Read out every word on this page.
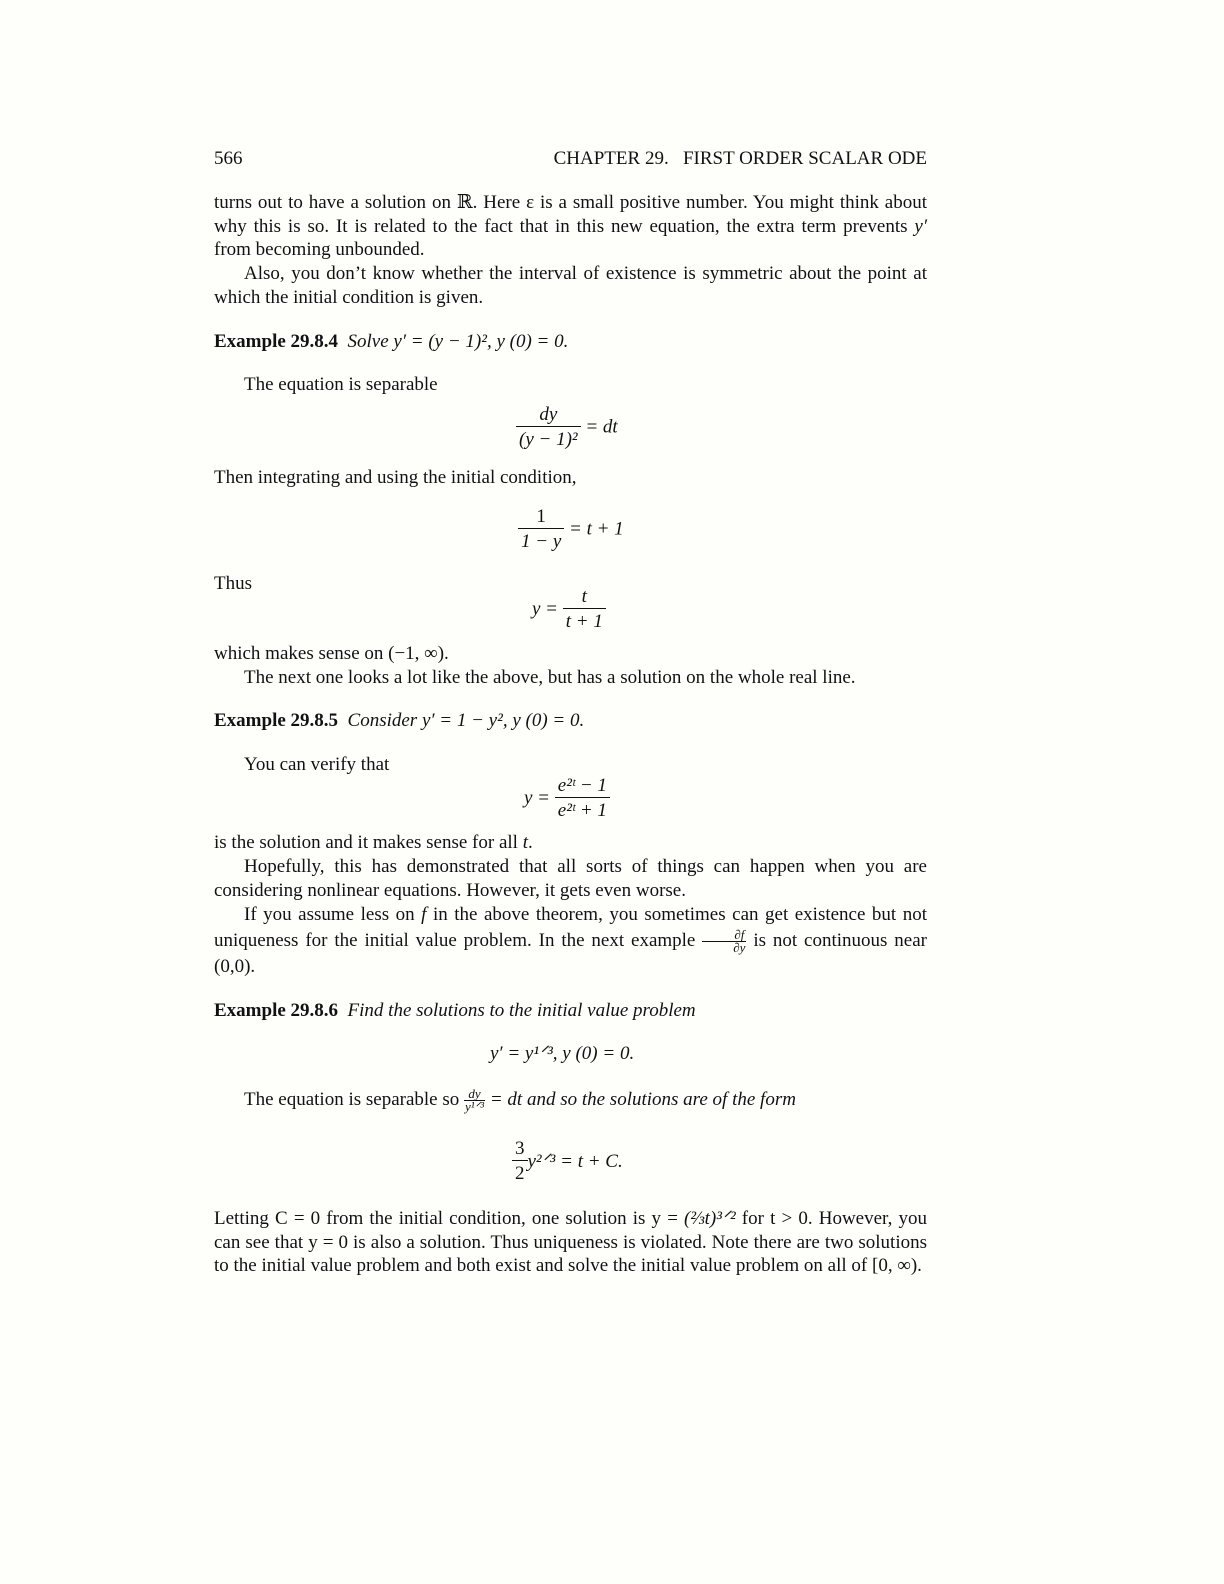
566	CHAPTER 29.   FIRST ORDER SCALAR ODE

turns out to have a solution on ℝ. Here ε is a small positive number. You might think about why this is so. It is related to the fact that in this new equation, the extra term prevents y′ from becoming unbounded.

Also, you don’t know whether the interval of existence is symmetric about the point at which the initial condition is given.

Example 29.8.4 Solve y′ = (y − 1)², y (0) = 0.
The equation is separable
$\frac{dy}{\text{(y − 1)²}}$ = dt
Then integrating and using the initial condition,
$\frac{1}{1 - y} = t + 1$
Thus
$y = \frac{t}{t + 1}$
which makes sense on (−1, ∞).
The next one looks a lot like the above, but has a solution on the whole real line.
Example 29.8.5 Consider y′ = 1 − y², y (0) = 0.
You can verify that
$y = \frac{\text{e²ᵗ − 1}}{\text{e²ᵗ + 1}}$
is the solution and it makes sense for all t.

Hopefully, this has demonstrated that all sorts of things can happen when you are considering nonlinear equations. However, it gets even worse.

If you assume less on f in the above theorem, you sometimes can get existence but not uniqueness for the initial value problem. In the next example $\frac{\partial f}{\partial y}$ is not continuous near (0,0).

Example 29.8.6 Find the solutions to the initial value problem
y′ = y¹ᐟ³, y (0) = 0.
The equation is separable so $\frac{dy}{\text{y¹ᐟ³}}$ = dt and so the solutions are of the form
$\frac{3}{2}$ y²ᐟ³ = t + C.

Letting C = 0 from the initial condition, one solution is y = (⅔t)³ᐟ² for t > 0. However, you can see that y = 0 is also a solution. Thus uniqueness is violated. Note there are two solutions to the initial value problem and both exist and solve the initial value problem on all of [0, ∞).
